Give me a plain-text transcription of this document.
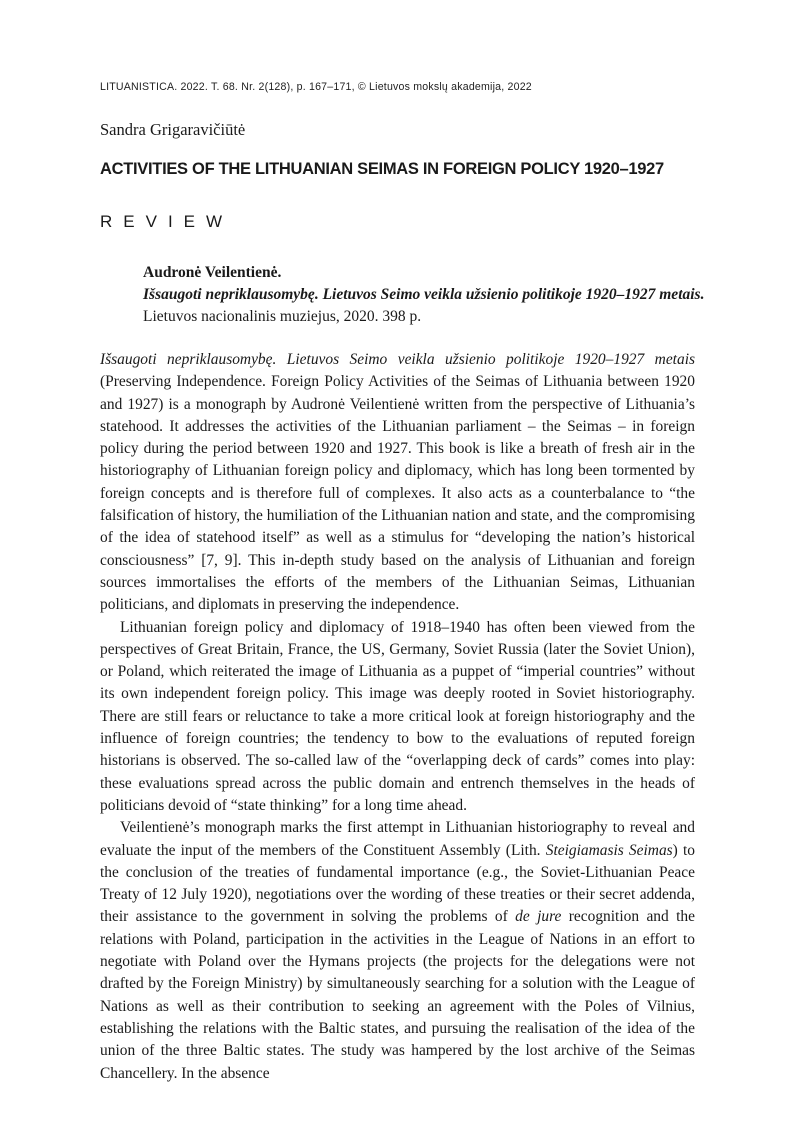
LITUANISTICA. 2022. T. 68. Nr. 2(128), p. 167–171, © Lietuvos mokslų akademija, 2022
Sandra Grigaravičiūtė
ACTIVITIES OF THE LITHUANIAN SEIMAS IN FOREIGN POLICY 1920–1927
REVIEW
Audronė Veilentienė.
Išsaugoti nepriklausomybę. Lietuvos Seimo veikla užsienio politikoje 1920–1927 metais.
Lietuvos nacionalinis muziejus, 2020. 398 p.

Išsaugoti nepriklausomybę. Lietuvos Seimo veikla užsienio politikoje 1920–1927 metais (Preserving Independence. Foreign Policy Activities of the Seimas of Lithuania between 1920 and 1927) is a monograph by Audronė Veilentienė written from the perspective of Lithuania’s statehood. It addresses the activities of the Lithuanian parliament – the Seimas – in foreign policy during the period between 1920 and 1927. This book is like a breath of fresh air in the historiography of Lithuanian foreign policy and diplomacy, which has long been tormented by foreign concepts and is therefore full of complexes. It also acts as a counterbalance to “the falsification of history, the humiliation of the Lithuanian nation and state, and the compromising of the idea of statehood itself” as well as a stimulus for “developing the nation’s historical consciousness” [7, 9]. This in-depth study based on the analysis of Lithuanian and foreign sources immortalises the efforts of the members of the Lithuanian Seimas, Lithuanian politicians, and diplomats in preserving the independence.

Lithuanian foreign policy and diplomacy of 1918–1940 has often been viewed from the perspectives of Great Britain, France, the US, Germany, Soviet Russia (later the Soviet Union), or Poland, which reiterated the image of Lithuania as a puppet of “imperial countries” without its own independent foreign policy. This image was deeply rooted in Soviet historiography. There are still fears or reluctance to take a more critical look at foreign historiography and the influence of foreign countries; the tendency to bow to the evaluations of reputed foreign historians is observed. The so-called law of the “overlapping deck of cards” comes into play: these evaluations spread across the public domain and entrench themselves in the heads of politicians devoid of “state thinking” for a long time ahead.

Veilentienė’s monograph marks the first attempt in Lithuanian historiography to reveal and evaluate the input of the members of the Constituent Assembly (Lith. Steigiamasis Seimas) to the conclusion of the treaties of fundamental importance (e.g., the Soviet-Lithuanian Peace Treaty of 12 July 1920), negotiations over the wording of these treaties or their secret addenda, their assistance to the government in solving the problems of de jure recognition and the relations with Poland, participation in the activities in the League of Nations in an effort to negotiate with Poland over the Hymans projects (the projects for the delegations were not drafted by the Foreign Ministry) by simultaneously searching for a solution with the League of Nations as well as their contribution to seeking an agreement with the Poles of Vilnius, establishing the relations with the Baltic states, and pursuing the realisation of the idea of the union of the three Baltic states. The study was hampered by the lost archive of the Seimas Chancellery. In the absence
